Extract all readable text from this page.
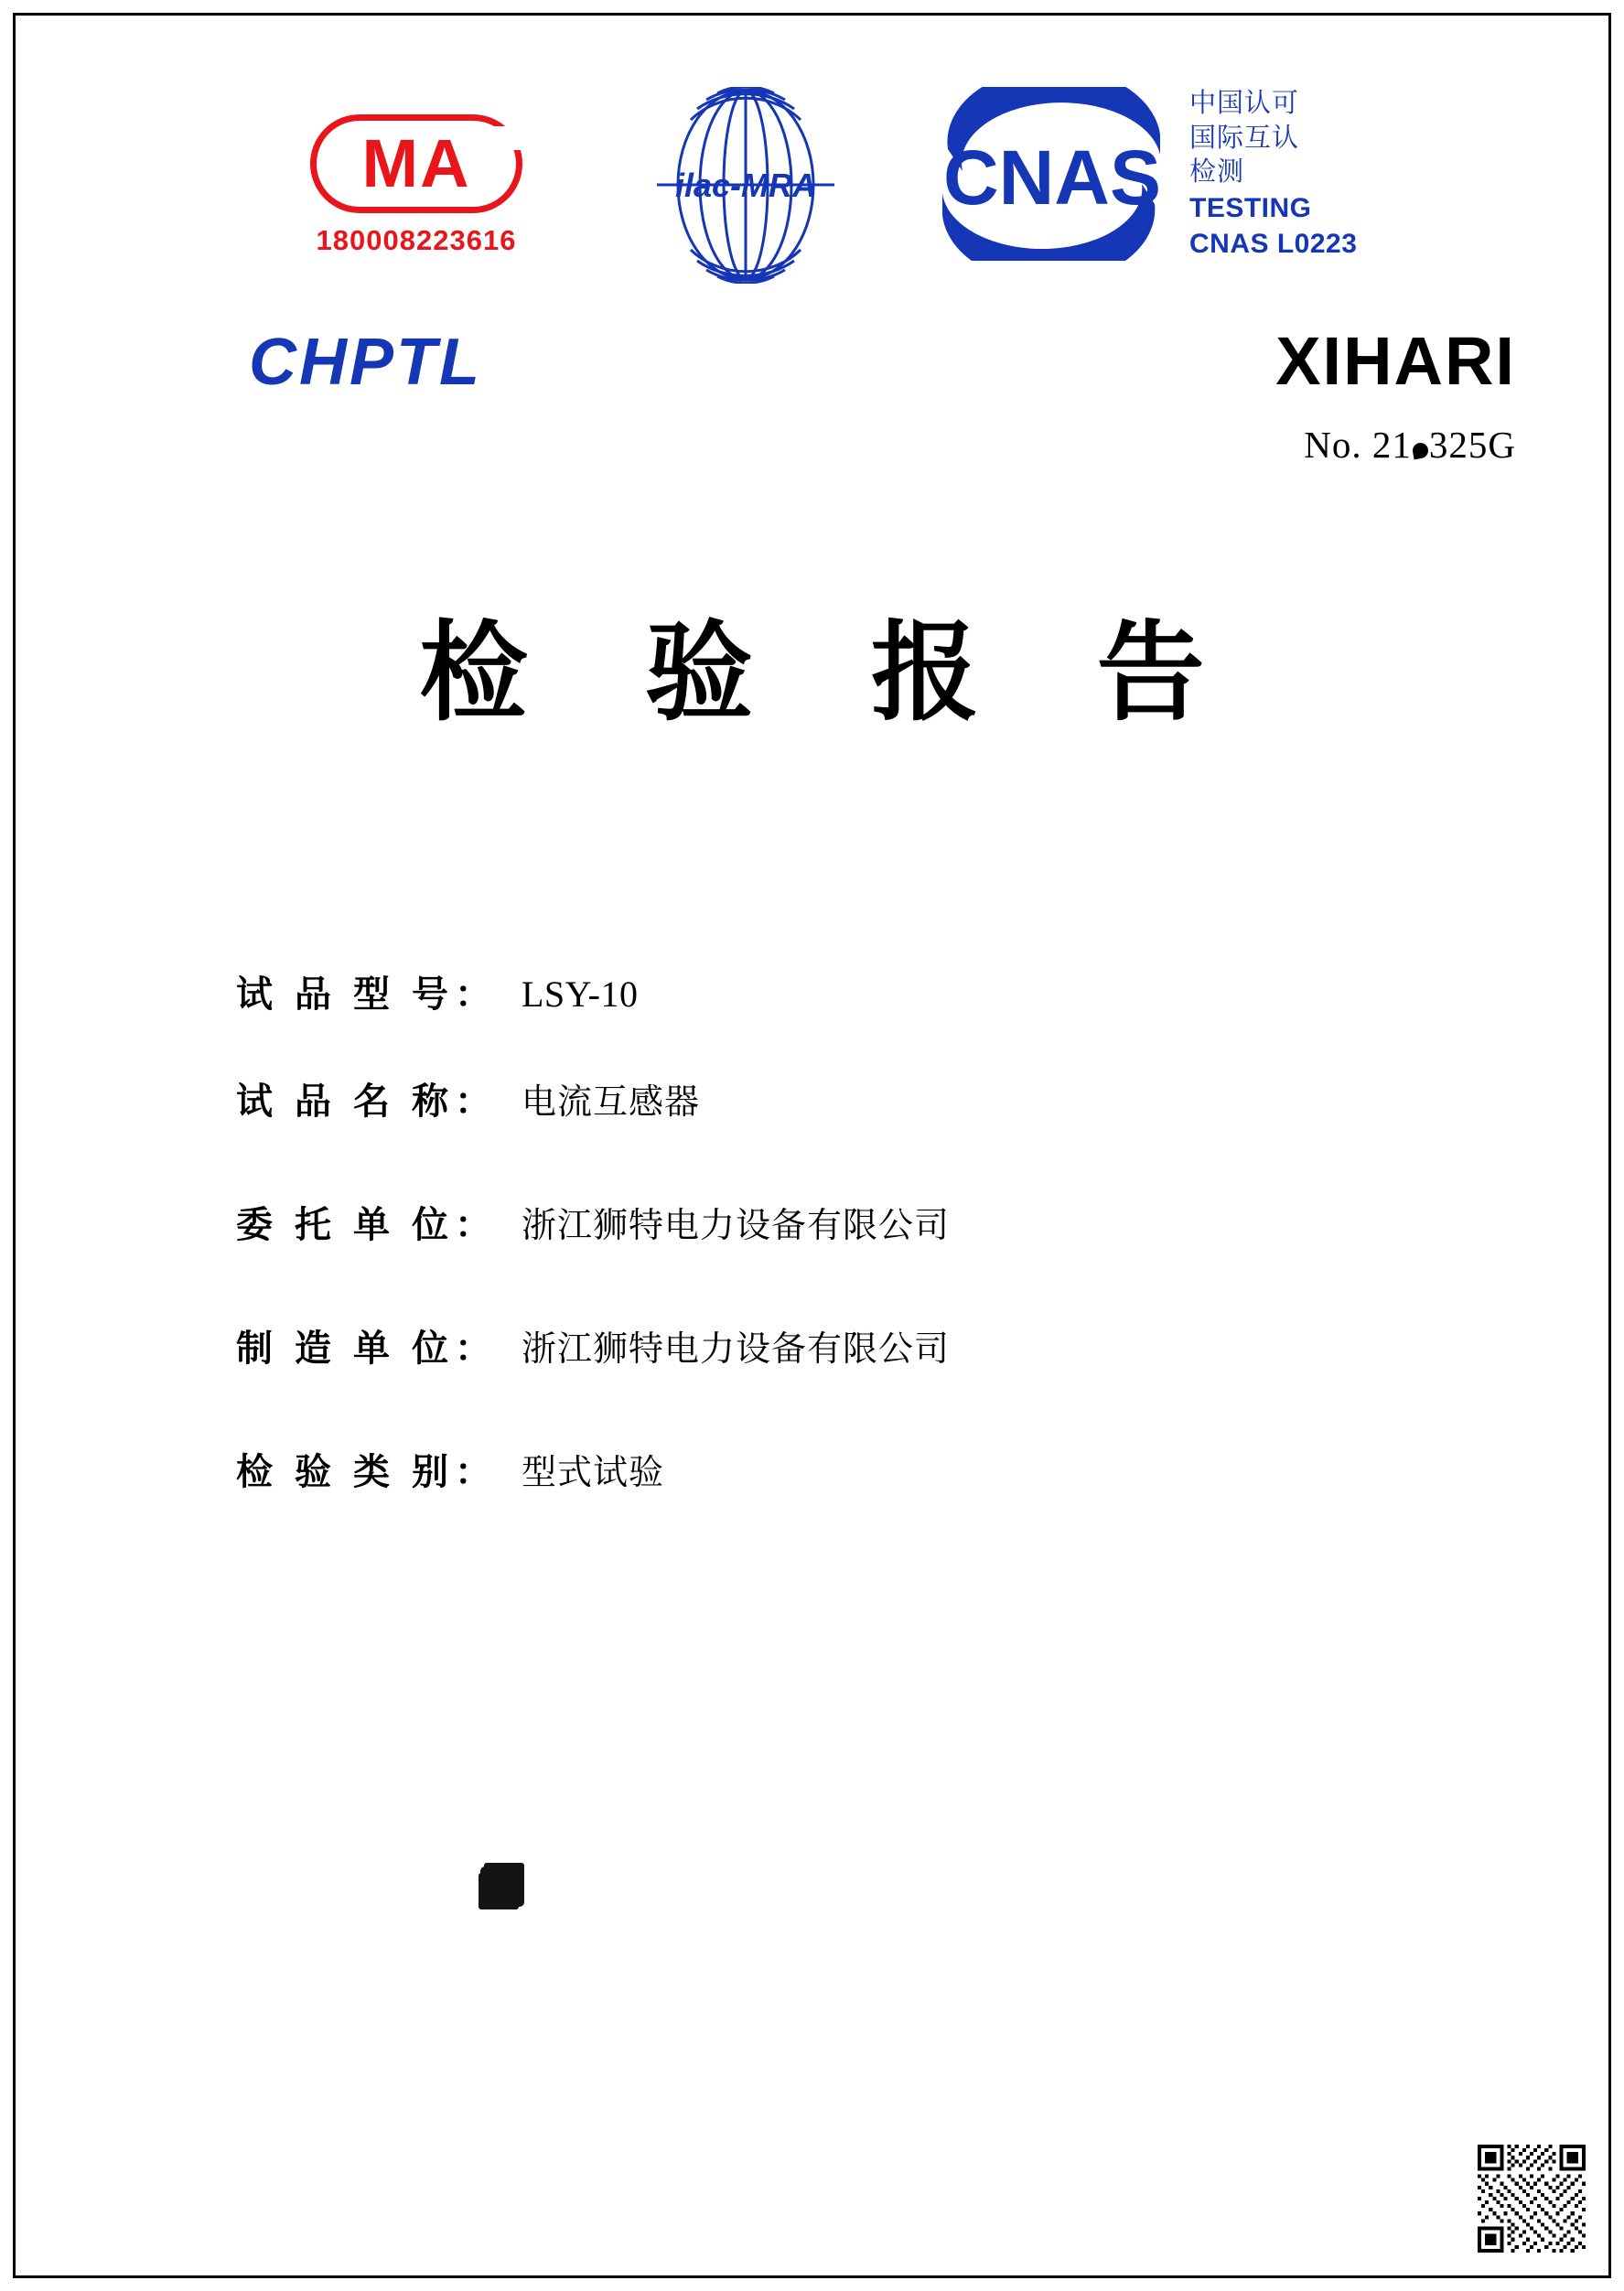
MA
180008223616
ilac-MRA CNAS
中国认可
国际互认
检测
TESTING
CNAS L0223
CHPTL	XIHARI
No. 21 325G
检 验 报 告
试 品 型 号： LSY-10
试 品 名 称： 电流互感器
委 托 单 位： 浙江狮特电力设备有限公司
制 造 单 位： 浙江狮特电力设备有限公司
检 验 类 别： 型式试验
